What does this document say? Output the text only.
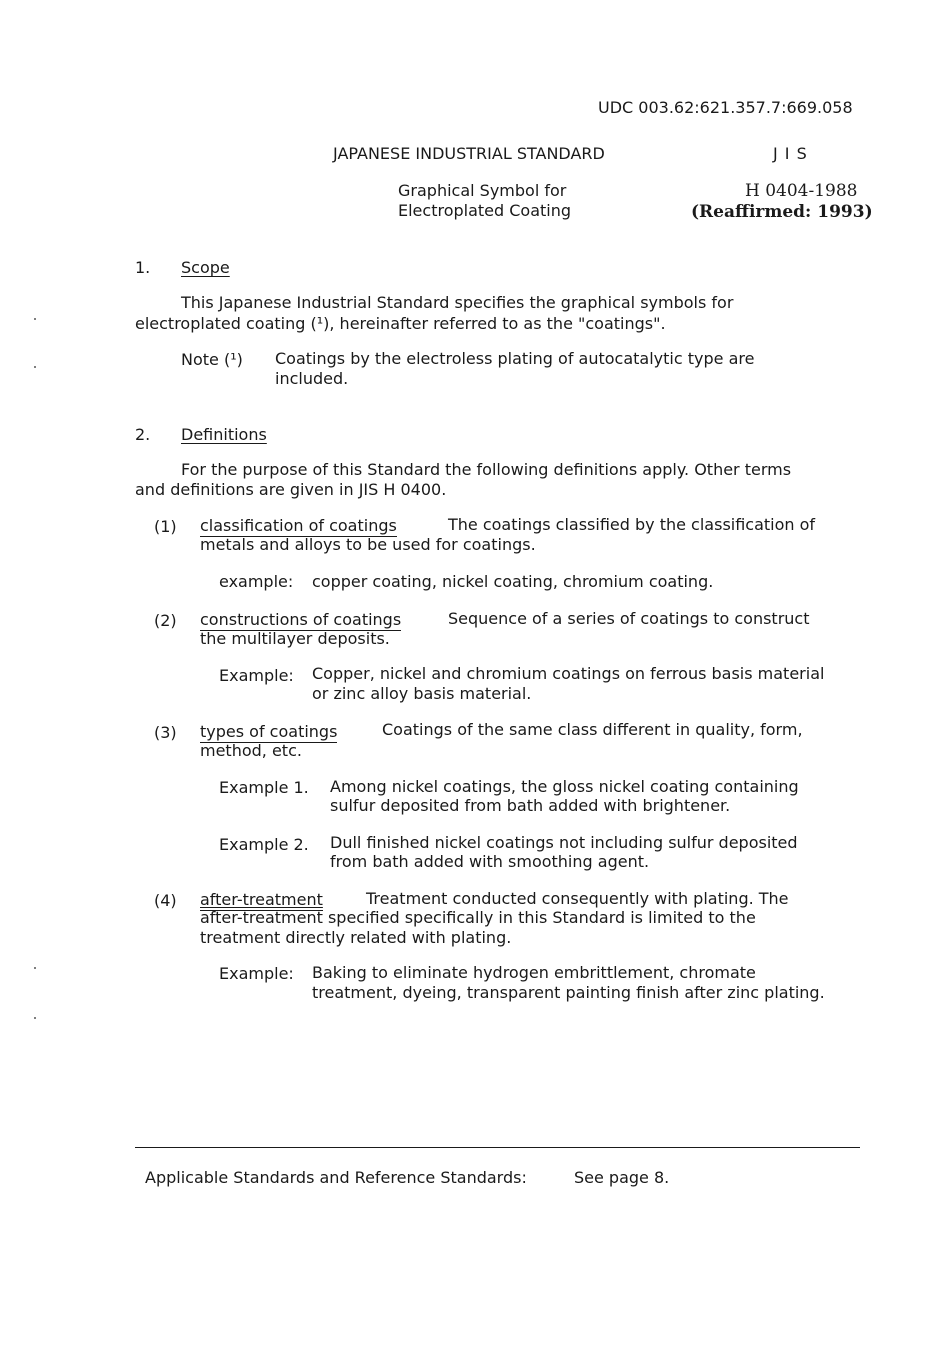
UDC 003.62:621.357.7:669.058
JAPANESE INDUSTRIAL STANDARD	J I S
Graphical Symbol for
Electroplated Coating
H 0404-1988
(Reaffirmed: 1993)
1. Scope
This Japanese Industrial Standard specifies the graphical symbols for
electroplated coating (¹), hereinafter referred to as the "coatings".
Note (¹) Coatings by the electroless plating of autocatalytic type are
included.
2. Definitions
For the purpose of this Standard the following definitions apply. Other terms
and definitions are given in JIS H 0400.
(1) classification of coatings	The coatings classified by the classification of
metals and alloys to be used for coatings.
example: copper coating, nickel coating, chromium coating.
(2) constructions of coatings	Sequence of a series of coatings to construct
the multilayer deposits.
Example: Copper, nickel and chromium coatings on ferrous basis material
or zinc alloy basis material.
(3) types of coatings	Coatings of the same class different in quality, form,
method, etc.
Example 1. Among nickel coatings, the gloss nickel coating containing
sulfur deposited from bath added with brightener.
Example 2. Dull finished nickel coatings not including sulfur deposited
from bath added with smoothing agent.
(4) after-treatment	Treatment conducted consequently with plating. The
after-treatment specified specifically in this Standard is limited to the
treatment directly related with plating.
Example: Baking to eliminate hydrogen embrittlement, chromate
treatment, dyeing, transparent painting finish after zinc plating.
Applicable Standards and Reference Standards:	See page 8.
